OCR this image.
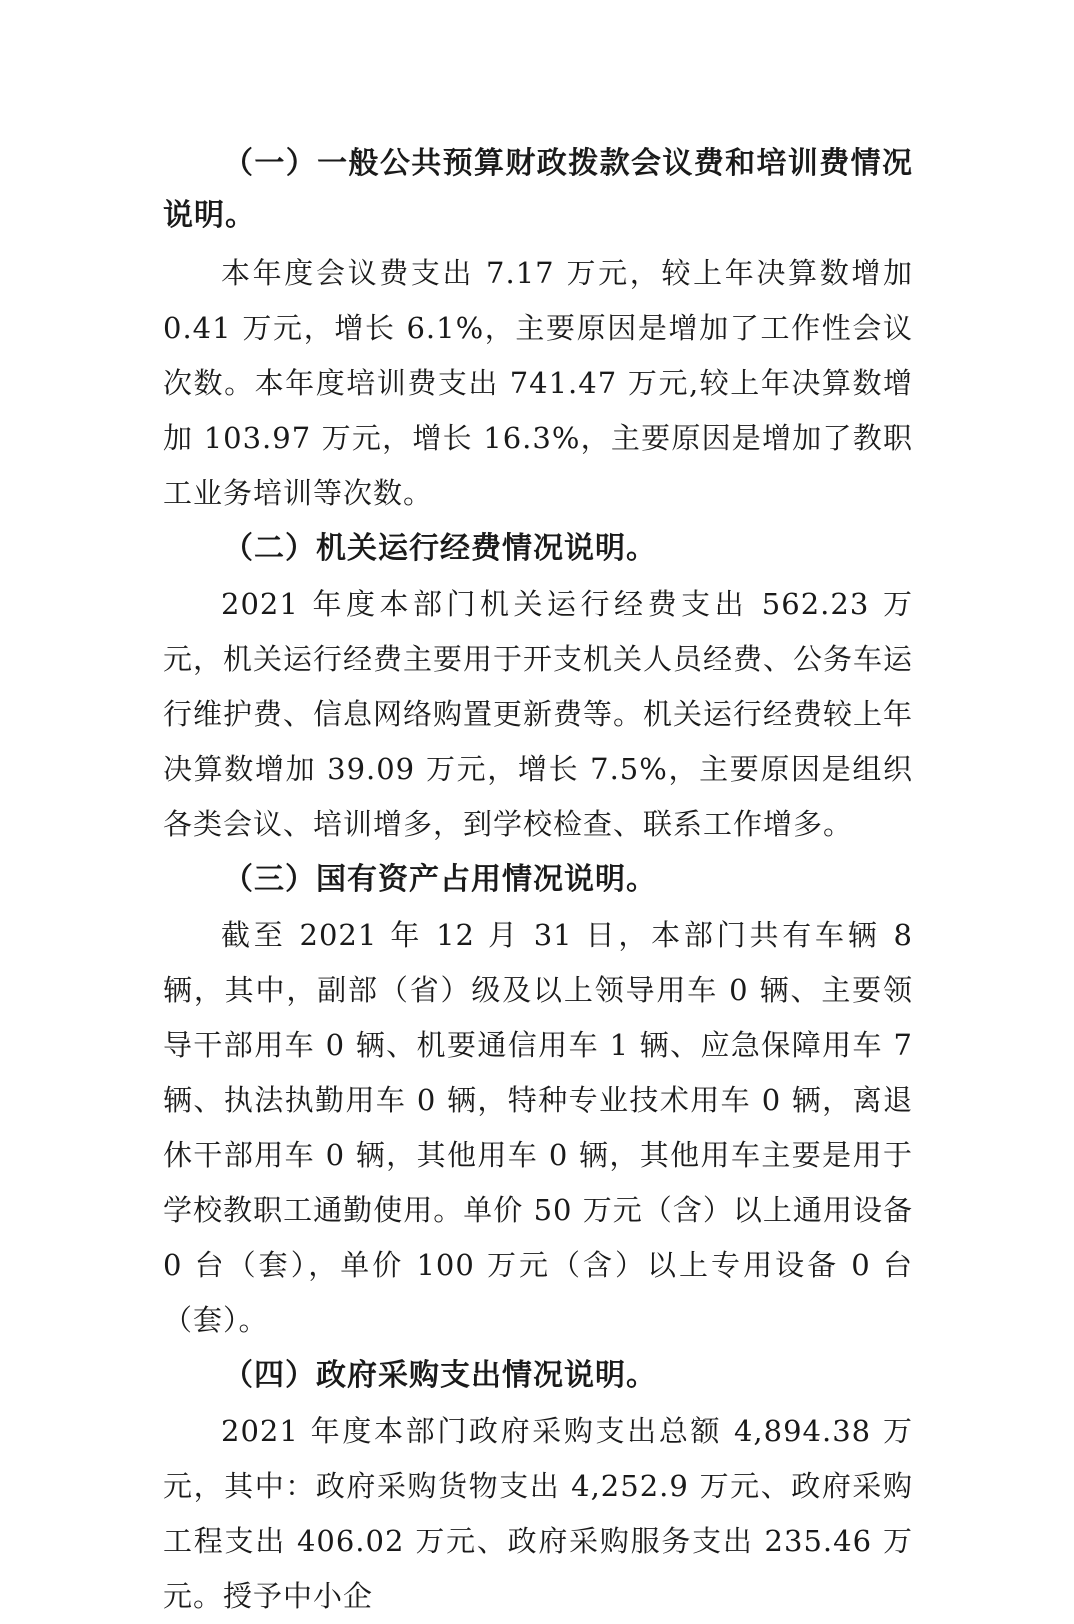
（一）一般公共预算财政拨款会议费和培训费情况说明。

本年度会议费支出 7.17 万元，较上年决算数增加 0.41 万元，增长 6.1%，主要原因是增加了工作性会议次数。本年度培训费支出 741.47 万元,较上年决算数增加 103.97 万元，增长 16.3%，主要原因是增加了教职工业务培训等次数。

（二）机关运行经费情况说明。

2021 年度本部门机关运行经费支出 562.23 万元，机关运行经费主要用于开支机关人员经费、公务车运行维护费、信息网络购置更新费等。机关运行经费较上年决算数增加 39.09 万元，增长 7.5%，主要原因是组织各类会议、培训增多，到学校检查、联系工作增多。

（三）国有资产占用情况说明。

截至 2021 年 12 月 31 日，本部门共有车辆 8 辆，其中，副部（省）级及以上领导用车 0 辆、主要领导干部用车 0 辆、机要通信用车 1 辆、应急保障用车 7 辆、执法执勤用车 0 辆，特种专业技术用车 0 辆，离退休干部用车 0 辆，其他用车 0 辆，其他用车主要是用于学校教职工通勤使用。单价 50 万元（含）以上通用设备 0 台（套），单价 100 万元（含）以上专用设备 0 台（套）。

（四）政府采购支出情况说明。

2021 年度本部门政府采购支出总额 4,894.38 万元，其中：政府采购货物支出 4,252.9 万元、政府采购工程支出 406.02 万元、政府采购服务支出 235.46 万元。授予中小企
